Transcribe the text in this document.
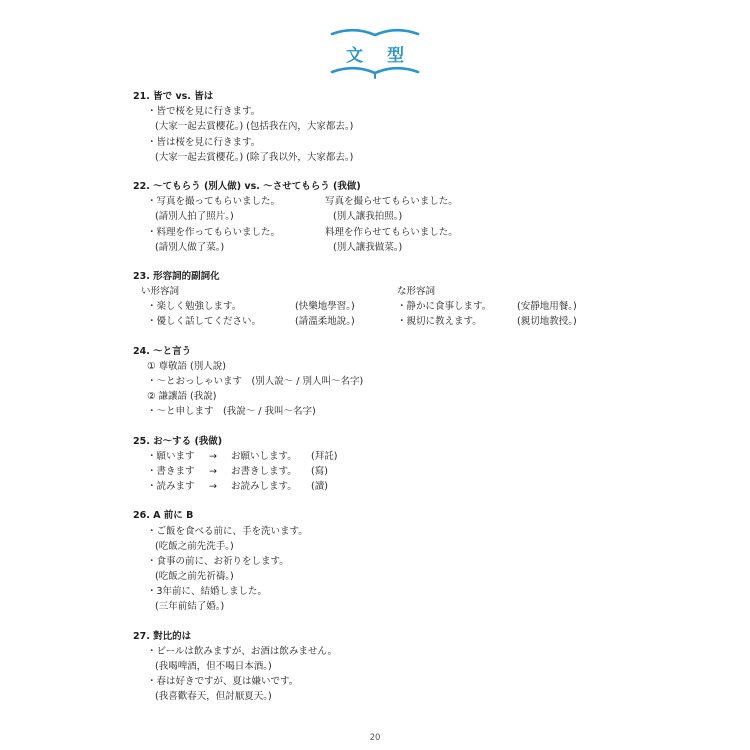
文 型
21. 皆で vs. 皆は
・皆で桜を見に行きます。
(大家一起去賞櫻花。) (包括我在內，大家都去。)
・皆は桜を見に行きます。
(大家一起去賞櫻花。) (除了我以外，大家都去。)
22. ～てもらう (別人做) vs. ～させてもらう (我做)
・写真を撮ってもらいました。	写真を撮らせてもらいました。
(請別人拍了照片。)	(別人讓我拍照。)
・料理を作ってもらいました。	料理を作らせてもらいました。
(請別人做了菜。)	(別人讓我做菜。)
23. 形容詞的副詞化
い形容詞	な形容詞
・楽しく勉強します。	(快樂地學習。)	・静かに食事します。	(安靜地用餐。)
・優しく話してください。	(請溫柔地說。)	・親切に教えます。	(親切地教授。)
24. ～と言う
① 尊敬語 (別人說)
・～とおっしゃいます　(別人說～ / 別人叫～名字)
② 謙讓語 (我說)
・～と申します　(我說～ / 我叫～名字)
25. お～する (我做)
・願います	→	お願いします。	(拜託)
・書きます	→	お書きします。	(寫)
・読みます	→	お読みします。	(讀)
26. A 前に B
・ご飯を食べる前に、手を洗います。
(吃飯之前先洗手。)
・食事の前に、お祈りをします。
(吃飯之前先祈禱。)
・3年前に、結婚しました。
(三年前結了婚。)
27. 對比的は
・ビールは飲みますが、お酒は飲みません。
(我喝啤酒，但不喝日本酒。)
・春は好きですが、夏は嫌いです。
(我喜歡春天，但討厭夏天。)
20
